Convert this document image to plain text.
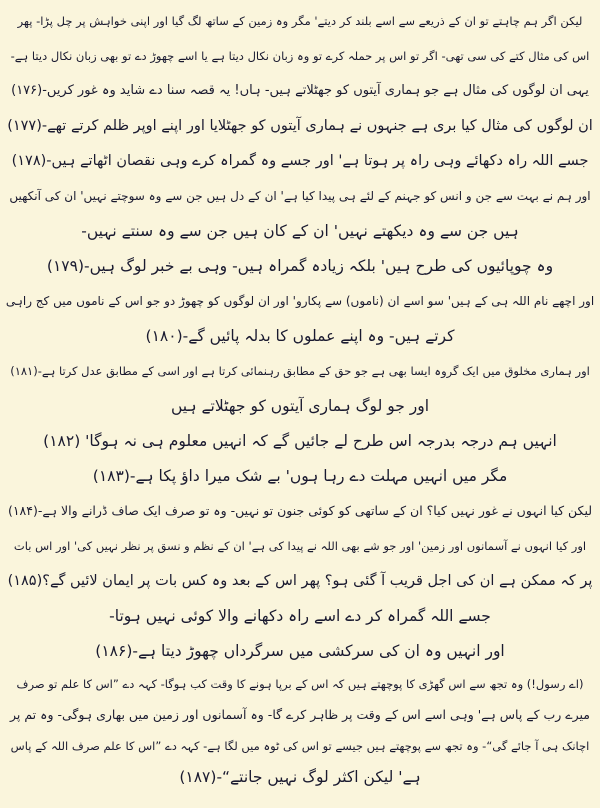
لیکن اگر ہم چاہتے تو ان کے ذریعے سے اسے بلند کر دیتے' مگر وہ زمین کے ساتھ لگ گیا اور اپنی خواہش پر چل پڑا- پھر
اس کی مثال کتے کی سی تھی- اگر تو اس پر حملہ کرے تو وہ زبان نکال دیتا ہے یا اسے چھوڑ دے تو بھی زبان نکال دیتا ہے-
یہی ان لوگوں کی مثال ہے جو ہماری آیتوں کو جھٹلاتے ہیں- ہاں! یہ قصہ سنا دے شاید وہ غور کریں-(۱۷۶)
ان لوگوں کی مثال کیا بری ہے جنہوں نے ہماری آیتوں کو جھٹلایا اور اپنے اوپر ظلم کرتے تھے-(۱۷۷)
جسے اللہ راہ دکھائے وہی راہ پر ہوتا ہے' اور جسے وہ گمراہ کرے وہی نقصان اٹھاتے ہیں-(۱۷۸)
اور ہم نے بہت سے جن و انس کو جہنم کے لئے ہی پیدا کیا ہے' ان کے دل ہیں جن سے وہ سوچتے نہیں' ان کی آنکھیں
ہیں جن سے وہ دیکھتے نہیں' ان کے کان ہیں جن سے وہ سنتے نہیں-
وہ چوپائیوں کی طرح ہیں' بلکہ زیادہ گمراہ ہیں- وہی بے خبر لوگ ہیں-(۱۷۹)
اور اچھے نام اللہ ہی کے ہیں' سو اسے ان (ناموں) سے پکارو' اور ان لوگوں کو چھوڑ دو جو اس کے ناموں میں کج راہی
کرتے ہیں- وہ اپنے عملوں کا بدلہ پائیں گے-(۱۸۰)
اور ہماری مخلوق میں ایک گروہ ایسا بھی ہے جو حق کے مطابق رہنمائی کرتا ہے اور اسی کے مطابق عدل کرتا ہے-(۱۸۱)
اور جو لوگ ہماری آیتوں کو جھٹلاتے ہیں
انہیں ہم درجہ بدرجہ اس طرح لے جائیں گے کہ انہیں معلوم ہی نہ ہوگا' (۱۸۲)
مگر میں انہیں مہلت دے رہا ہوں' بے شک میرا داؤ پکا ہے-(۱۸۳)
لیکن کیا انہوں نے غور نہیں کیا؟ ان کے ساتھی کو کوئی جنون تو نہیں- وہ تو صرف ایک صاف ڈرانے والا ہے-(۱۸۴)
اور کیا انہوں نے آسمانوں اور زمین' اور جو شے بھی اللہ نے پیدا کی ہے' ان کے نظم و نسق پر نظر نہیں کی' اور اس بات
پر کہ ممکن ہے ان کی اجل قریب آ گئی ہو؟ پھر اس کے بعد وہ کس بات پر ایمان لائیں گے؟(۱۸۵)
جسے اللہ گمراہ کر دے اسے راہ دکھانے والا کوئی نہیں ہوتا-
اور انہیں وہ ان کی سرکشی میں سرگرداں چھوڑ دیتا ہے-(۱۸۶)
(اے رسول!) وہ تجھ سے اس گھڑی کا پوچھتے ہیں کہ اس کے برپا ہونے کا وقت کب ہوگا- کہہ دے ”اس کا علم تو صرف
میرے رب کے پاس ہے' وہی اسے اس کے وقت پر ظاہر کرے گا- وہ آسمانوں اور زمین میں بھاری ہوگی- وہ تم پر
اچانک ہی آ جائے گی“- وہ تجھ سے پوچھتے ہیں جیسے تو اس کی ٹوہ میں لگا ہے- کہہ دے ”اس کا علم صرف اللہ کے پاس
ہے' لیکن اکثر لوگ نہیں جانتے“-(۱۸۷)
